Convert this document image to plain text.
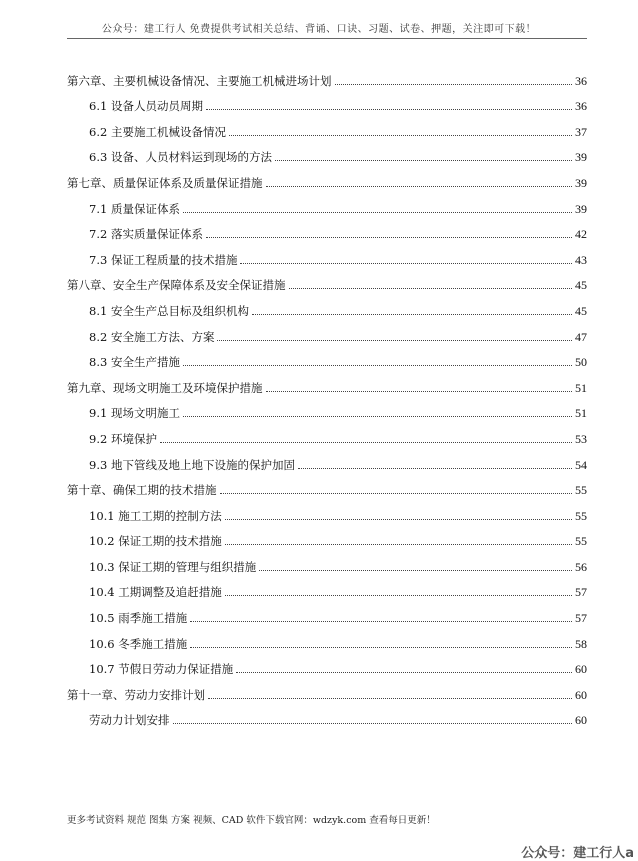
公众号：建工行人 免费提供考试相关总结、背诵、口诀、习题、试卷、押题，关注即可下载！
第六章、主要机械设备情况、主要施工机械进场计划	36
6.1 设备人员动员周期	36
6.2 主要施工机械设备情况	37
6.3 设备、人员材料运到现场的方法	39
第七章、质量保证体系及质量保证措施	39
7.1 质量保证体系	39
7.2 落实质量保证体系	42
7.3 保证工程质量的技术措施	43
第八章、安全生产保障体系及安全保证措施	45
8.1 安全生产总目标及组织机构	45
8.2 安全施工方法、方案	47
8.3 安全生产措施	50
第九章、现场文明施工及环境保护措施	51
9.1 现场文明施工	51
9.2 环境保护	53
9.3 地下管线及地上地下设施的保护加固	54
第十章、确保工期的技术措施	55
10.1 施工工期的控制方法	55
10.2 保证工期的技术措施	55
10.3 保证工期的管理与组织措施	56
10.4 工期调整及追赶措施	57
10.5 雨季施工措施	57
10.6 冬季施工措施	58
10.7 节假日劳动力保证措施	60
第十一章、劳动力安排计划	60
劳动力计划安排	60
更多考试资料 规范 图集 方案 视频、CAD 软件下载官网：wdzyk.com 查看每日更新！
公众号：建工行人a
